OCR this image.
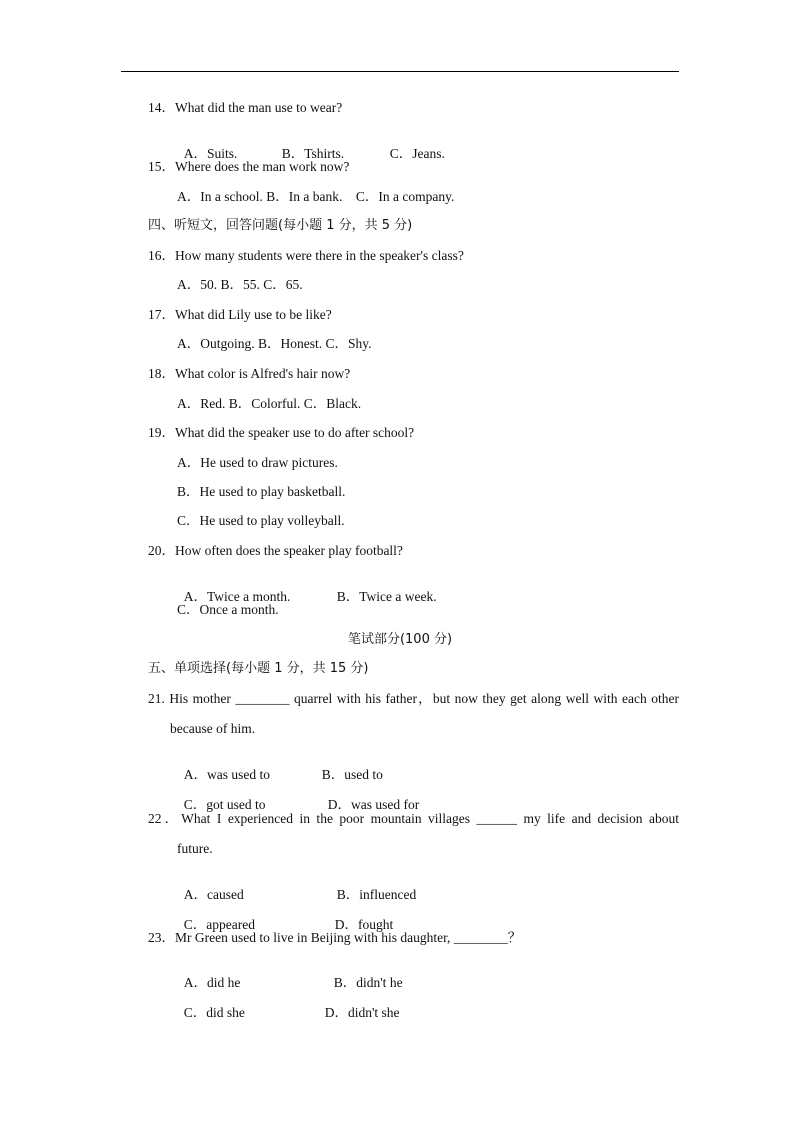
14．What did the man use to wear?

A．Suits.	B．Tshirts.	C．Jeans.

15．Where does the man work now?
A．In a school. B．In a bank.    C．In a company.
四、听短文，回答问题(每小题 1 分，共 5 分)
16．How many students were there in the speaker's class?
A．50. B．55. C．65.
17．What did Lily use to be like?
A．Outgoing. B．Honest. C．Shy.
18．What color is Alfred's hair now?
A．Red. B．Colorful. C．Black.
19．What did the speaker use to do after school?
A．He used to draw pictures.
B．He used to play basketball.
C．He used to play volleyball.
20．How often does the speaker play football?

A．Twice a month.	B．Twice a week.

C．Once a month.
笔试部分(100 分)
五、单项选择(每小题 1 分，共 15 分)
21. His mother ________ quarrel with his father，but now they get along well with each other
because of him.

A．was used to	B．used to

C．got used to	D．was used for

22．What I experienced in the poor mountain villages ______ my life and decision about
future.

A．caused	B．influenced

C．appeared	D．fought

23．Mr Green used to live in Beijing with his daughter, ________？

A．did he	B．didn't he

C．did she	D．didn't she
